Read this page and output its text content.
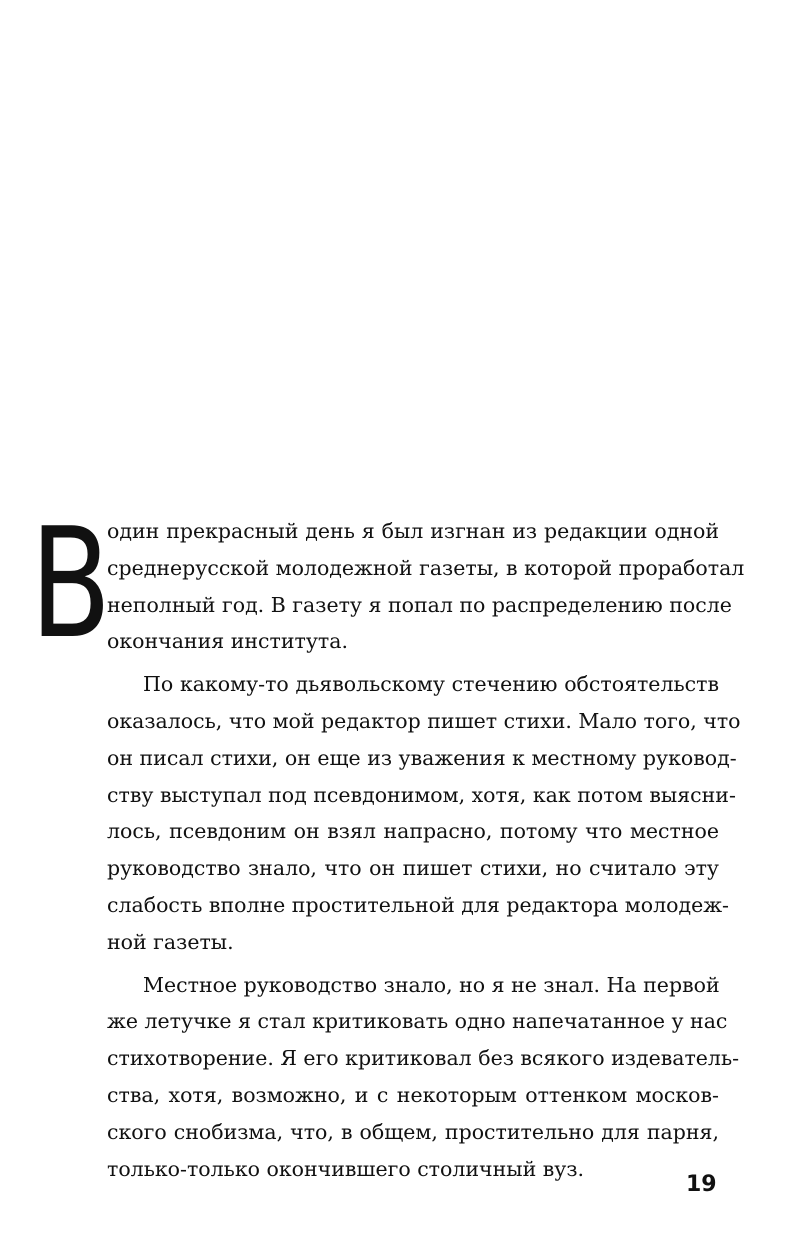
В
один прекрасный день я был изгнан из редакции одной
среднерусской молодежной газеты, в которой проработал
неполный год. В газету я попал по распределению после
окончания института.
По какому-то дьявольскому стечению обстоятельств
оказалось, что мой редактор пишет стихи. Мало того, что
он писал стихи, он еще из уважения к местному руковод-
ству выступал под псевдонимом, хотя, как потом выясни-
лось, псевдоним он взял напрасно, потому что местное
руководство знало, что он пишет стихи, но считало эту
слабость вполне простительной для редактора молодеж-
ной газеты.
Местное руководство знало, но я не знал. На первой
же летучке я стал критиковать одно напечатанное у нас
стихотворение. Я его критиковал без всякого издеватель-
ства, хотя, возможно, и с некоторым оттенком москов-
ского снобизма, что, в общем, простительно для парня,
только-только окончившего столичный вуз.
19
